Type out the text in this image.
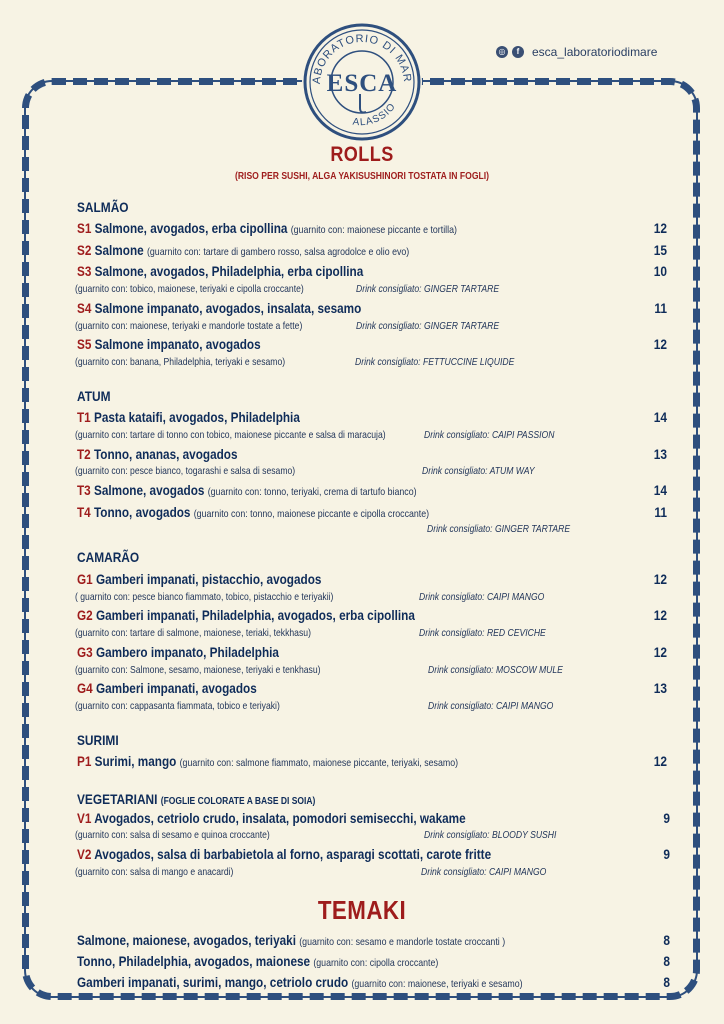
ABORATORIO DI MAR
ALASSIO
ESCA
◎	f	esca_laboratoriodimare
ROLLS
(RISO PER SUSHI, ALGA YAKISUSHINORI TOSTATA IN FOGLI)
SALMÃO
S1 Salmone, avogados, erba cipollina (guarnito con: maionese piccante e tortilla)	12
S2 Salmone (guarnito con: tartare di gambero rosso, salsa agrodolce e olio evo)	15
S3 Salmone, avogados, Philadelphia, erba cipollina	10
(guarnito con: tobico, maionese, teriyaki e cipolla croccante)	Drink consigliato: GINGER TARTARE
S4 Salmone impanato, avogados, insalata, sesamo	11
(guarnito con: maionese, teriyaki e mandorle tostate a fette)	Drink consigliato: GINGER TARTARE
S5 Salmone impanato, avogados	12
(guarnito con: banana, Philadelphia, teriyaki e sesamo)	Drink consigliato: FETTUCCINE LIQUIDE
ATUM
T1 Pasta kataifi, avogados, Philadelphia	14
(guarnito con: tartare di tonno con tobico, maionese piccante e salsa di maracuja)	Drink consigliato: CAIPI PASSION
T2 Tonno, ananas, avogados	13
(guarnito con: pesce bianco, togarashi e salsa di sesamo)	Drink consigliato: ATUM WAY
T3 Salmone, avogados (guarnito con: tonno, teriyaki, crema di tartufo bianco)	14
T4 Tonno, avogados (guarnito con: tonno, maionese piccante e cipolla croccante)	11
Drink consigliato: GINGER TARTARE
CAMARÃO
G1 Gamberi impanati, pistacchio, avogados	12
( guarnito con: pesce bianco fiammato, tobico, pistacchio e teriyakii)	Drink consigliato: CAIPI MANGO
G2 Gamberi impanati, Philadelphia, avogados, erba cipollina	12
(guarnito con: tartare di salmone, maionese, teriaki, tekkhasu)	Drink consigliato: RED CEVICHE
G3 Gambero impanato, Philadelphia	12
(guarnito con: Salmone, sesamo, maionese, teriyaki e tenkhasu)	Drink consigliato: MOSCOW MULE
G4 Gamberi impanati, avogados	13
(guarnito con: cappasanta fiammata, tobico e teriyaki)	Drink consigliato: CAIPI MANGO
SURIMI
P1 Surimi, mango (guarnito con: salmone fiammato, maionese piccante, teriyaki, sesamo)	12
VEGETARIANI (FOGLIE COLORATE A BASE DI SOIA)
V1 Avogados, cetriolo crudo, insalata, pomodori semisecchi, wakame	9
(guarnito con: salsa di sesamo e quinoa croccante)	Drink consigliato: BLOODY SUSHI
V2 Avogados, salsa di barbabietola al forno, asparagi scottati, carote fritte	9
(guarnito con: salsa di mango e anacardi)	Drink consigliato: CAIPI MANGO
TEMAKI
Salmone, maionese, avogados, teriyaki (guarnito con: sesamo e mandorle tostate croccanti )	8
Tonno, Philadelphia, avogados, maionese (guarnito con: cipolla croccante)	8
Gamberi impanati, surimi, mango, cetriolo crudo (guarnito con: maionese, teriyaki e sesamo)	8
